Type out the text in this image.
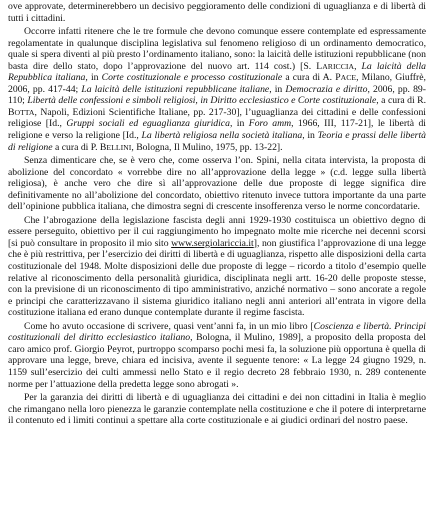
ove approvate, determinerebbero un decisivo peggioramento delle condizioni di uguaglianza e di libertà di tutti i cittadini.

Occorre infatti ritenere che le tre formule che devono comunque essere contemplate ed espressamente regolamentate in qualunque disciplina legislativa sul fenomeno religioso di un ordinamento democratico, quale si spera diventi al più presto l’ordinamento italiano, sono: la laicità delle istituzioni repubblicane (non basta dire dello stato, dopo l’approvazione del nuovo art. 114 cost.) [S. LARICCIA, La laicità della Repubblica italiana, in Corte costituzionale e processo costituzionale a cura di A. PACE, Milano, Giuffrè, 2006, pp. 417-44; La laicità delle istituzioni repubblicane italiane, in Democrazia e diritto, 2006, pp. 89-110; Libertà delle confessioni e simboli religiosi, in Diritto ecclesiastico e Corte costituzionale, a cura di R. BOTTA, Napoli, Edizioni Scientifiche Italiane, pp. 217-30], l’uguaglianza dei cittadini e delle confessioni religiose [Id., Gruppi sociali ed eguaglianza giuridica, in Foro amm, 1966, III, 117-21], le libertà di religione e verso la religione [Id., La libertà religiosa nella società italiana, in Teoria e prassi delle libertà di religione a cura di P. BELLINI, Bologna, Il Mulino, 1975, pp. 13-22].

Senza dimenticare che, se è vero che, come osserva l’on. Spini, nella citata intervista, la proposta di abolizione del concordato « vorrebbe dire no all’approvazione della legge » (c.d. legge sulla libertà religiosa), è anche vero che dire sì all’approvazione delle due proposte di legge significa dire definitivamente no all’abolizione del concordato, obiettivo ritenuto invece tuttora importante da una parte dell’opinione pubblica italiana, che dimostra segni di crescente insofferenza verso le norme concordatarie.

Che l’abrogazione della legislazione fascista degli anni 1929-1930 costituisca un obiettivo degno di essere perseguito, obiettivo per il cui raggiungimento ho impegnato molte mie ricerche nei decenni scorsi [si può consultare in proposito il mio sito www.sergiolariccia.it], non giustifica l’approvazione di una legge che è più restrittiva, per l’esercizio dei diritti di libertà e di uguaglianza, rispetto alle disposizioni della carta costituzionale del 1948. Molte disposizioni delle due proposte di legge – ricordo a titolo d’esempio quelle relative al riconoscimento della personalità giuridica, disciplinata negli artt. 16-20 delle proposte stesse, con la previsione di un riconoscimento di tipo amministrativo, anziché normativo – sono ancorate a regole e principi che caratterizzavano il sistema giuridico italiano negli anni anteriori all’entrata in vigore della costituzione italiana ed erano dunque contemplate durante il regime fascista.

Come ho avuto occasione di scrivere, quasi vent’anni fa, in un mio libro [Coscienza e libertà. Principi costituzionali del diritto ecclesiastico italiano, Bologna, il Mulino, 1989], a proposito della proposta del caro amico prof. Giorgio Peyrot, purtroppo scomparso pochi mesi fa, la soluzione più opportuna è quella di approvare una legge, breve, chiara ed incisiva, avente il seguente tenore: « La legge 24 giugno 1929, n. 1159 sull’esercizio dei culti ammessi nello Stato e il regio decreto 28 febbraio 1930, n. 289 contenente norme per l’attuazione della predetta legge sono abrogati ».

Per la garanzia dei diritti di libertà e di uguaglianza dei cittadini e dei non cittadini in Italia è meglio che rimangano nella loro pienezza le garanzie contemplate nella costituzione e che il potere di interpretarne il contenuto ed i limiti continui a spettare alla corte costituzionale e ai giudici ordinari del nostro paese.
